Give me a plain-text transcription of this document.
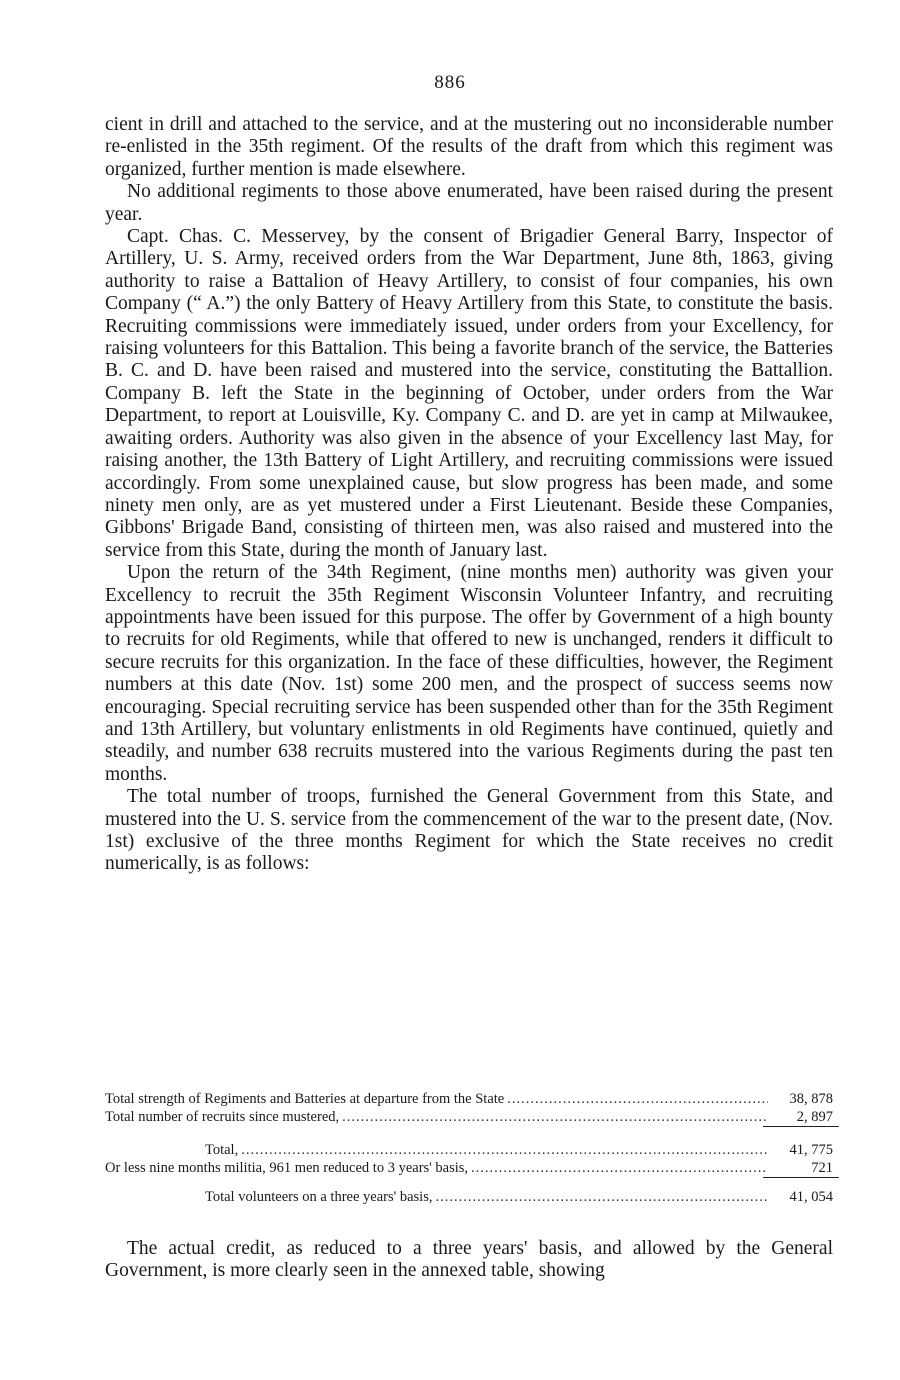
886

cient in drill and attached to the service, and at the mustering out no inconsiderable number re-enlisted in the 35th regiment. Of the results of the draft from which this regiment was organized, further mention is made elsewhere.

No additional regiments to those above enumerated, have been raised during the present year.

Capt. Chas. C. Messervey, by the consent of Brigadier General Barry, Inspector of Artillery, U. S. Army, received orders from the War Department, June 8th, 1863, giving authority to raise a Battalion of Heavy Artillery, to consist of four companies, his own Company (“ A.”) the only Battery of Heavy Artillery from this State, to constitute the basis. Recruiting commissions were immediately issued, under orders from your Excellency, for raising volunteers for this Battalion. This being a favorite branch of the service, the Batteries B. C. and D. have been raised and mustered into the service, constituting the Battallion. Company B. left the State in the beginning of October, under orders from the War Department, to report at Louisville, Ky. Company C. and D. are yet in camp at Milwaukee, awaiting orders. Authority was also given in the absence of your Excellency last May, for raising another, the 13th Battery of Light Artillery, and recruiting commissions were issued accordingly. From some unexplained cause, but slow progress has been made, and some ninety men only, are as yet mustered under a First Lieutenant. Beside these Companies, Gibbons' Brigade Band, consisting of thirteen men, was also raised and mustered into the service from this State, during the month of January last.

Upon the return of the 34th Regiment, (nine months men) authority was given your Excellency to recruit the 35th Regiment Wisconsin Volunteer Infantry, and recruiting appointments have been issued for this purpose. The offer by Government of a high bounty to recruits for old Regiments, while that offered to new is unchanged, renders it difficult to secure recruits for this organization. In the face of these difficulties, however, the Regiment numbers at this date (Nov. 1st) some 200 men, and the prospect of success seems now encouraging. Special recruiting service has been suspended other than for the 35th Regiment and 13th Artillery, but voluntary enlistments in old Regiments have continued, quietly and steadily, and number 638 recruits mustered into the various Regiments during the past ten months.

The total number of troops, furnished the General Government from this State, and mustered into the U. S. service from the commencement of the war to the present date, (Nov. 1st) exclusive of the three months Regiment for which the State receives no credit numerically, is as follows:

Total strength of Regiments and Batteries at departure from the State .....	38, 878
Total number of recruits since mustered, .....	2, 897
Total, .....	41, 775
Or less nine months militia, 961 men reduced to 3 years' basis, .....	721
Total volunteers on a three years' basis, .....	41, 054

The actual credit, as reduced to a three years' basis, and allowed by the General Government, is more clearly seen in the annexed table, showing
